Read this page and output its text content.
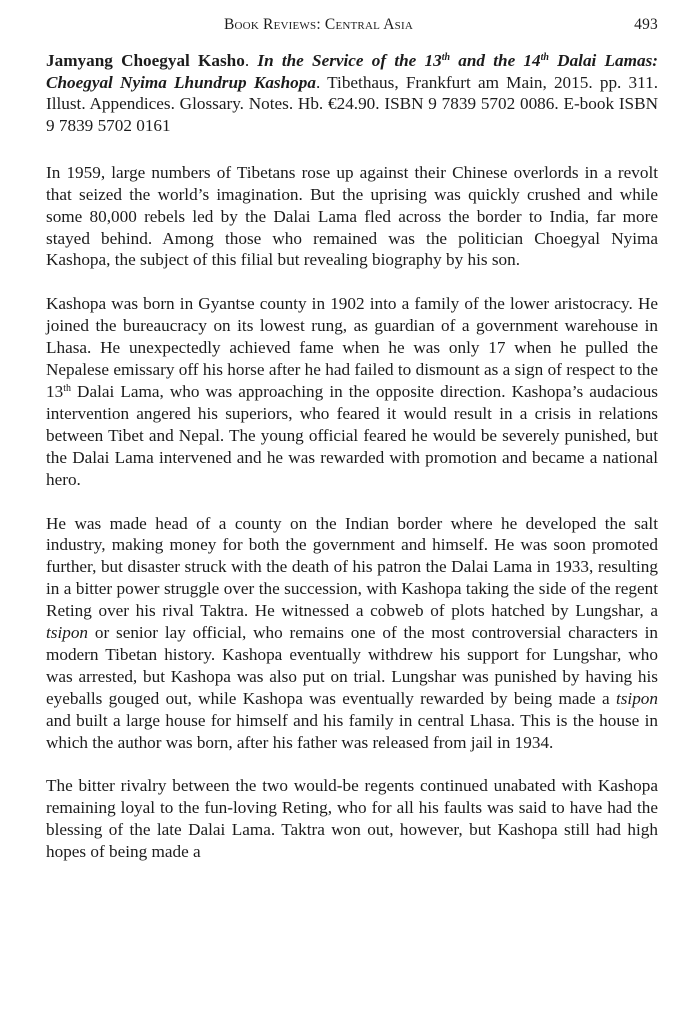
Book Reviews: Central Asia	493
Jamyang Choegyal Kasho. In the Service of the 13th and the 14th Dalai Lamas: Choegyal Nyima Lhundrup Kashopa. Tibethaus, Frankfurt am Main, 2015. pp. 311. Illust. Appendices. Glossary. Notes. Hb. €24.90. ISBN 9 7839 5702 0086. E-book ISBN 9 7839 5702 0161

In 1959, large numbers of Tibetans rose up against their Chinese overlords in a revolt that seized the world’s imagination. But the uprising was quickly crushed and while some 80,000 rebels led by the Dalai Lama fled across the border to India, far more stayed behind. Among those who remained was the politician Choegyal Nyima Kashopa, the subject of this filial but revealing biography by his son.

Kashopa was born in Gyantse county in 1902 into a family of the lower aristocracy. He joined the bureaucracy on its lowest rung, as guardian of a government warehouse in Lhasa. He unexpectedly achieved fame when he was only 17 when he pulled the Nepalese emissary off his horse after he had failed to dismount as a sign of respect to the 13th Dalai Lama, who was approaching in the opposite direction. Kashopa’s audacious intervention angered his superiors, who feared it would result in a crisis in relations between Tibet and Nepal. The young official feared he would be severely punished, but the Dalai Lama intervened and he was rewarded with promotion and became a national hero.

He was made head of a county on the Indian border where he developed the salt industry, making money for both the government and himself. He was soon promoted further, but disaster struck with the death of his patron the Dalai Lama in 1933, resulting in a bitter power struggle over the succession, with Kashopa taking the side of the regent Reting over his rival Taktra. He witnessed a cobweb of plots hatched by Lungshar, a tsipon or senior lay official, who remains one of the most controversial characters in modern Tibetan history. Kashopa eventually withdrew his support for Lungshar, who was arrested, but Kashopa was also put on trial. Lungshar was punished by having his eyeballs gouged out, while Kashopa was eventually rewarded by being made a tsipon and built a large house for himself and his family in central Lhasa. This is the house in which the author was born, after his father was released from jail in 1934.

The bitter rivalry between the two would-be regents continued unabated with Kashopa remaining loyal to the fun-loving Reting, who for all his faults was said to have had the blessing of the late Dalai Lama. Taktra won out, however, but Kashopa still had high hopes of being made a
